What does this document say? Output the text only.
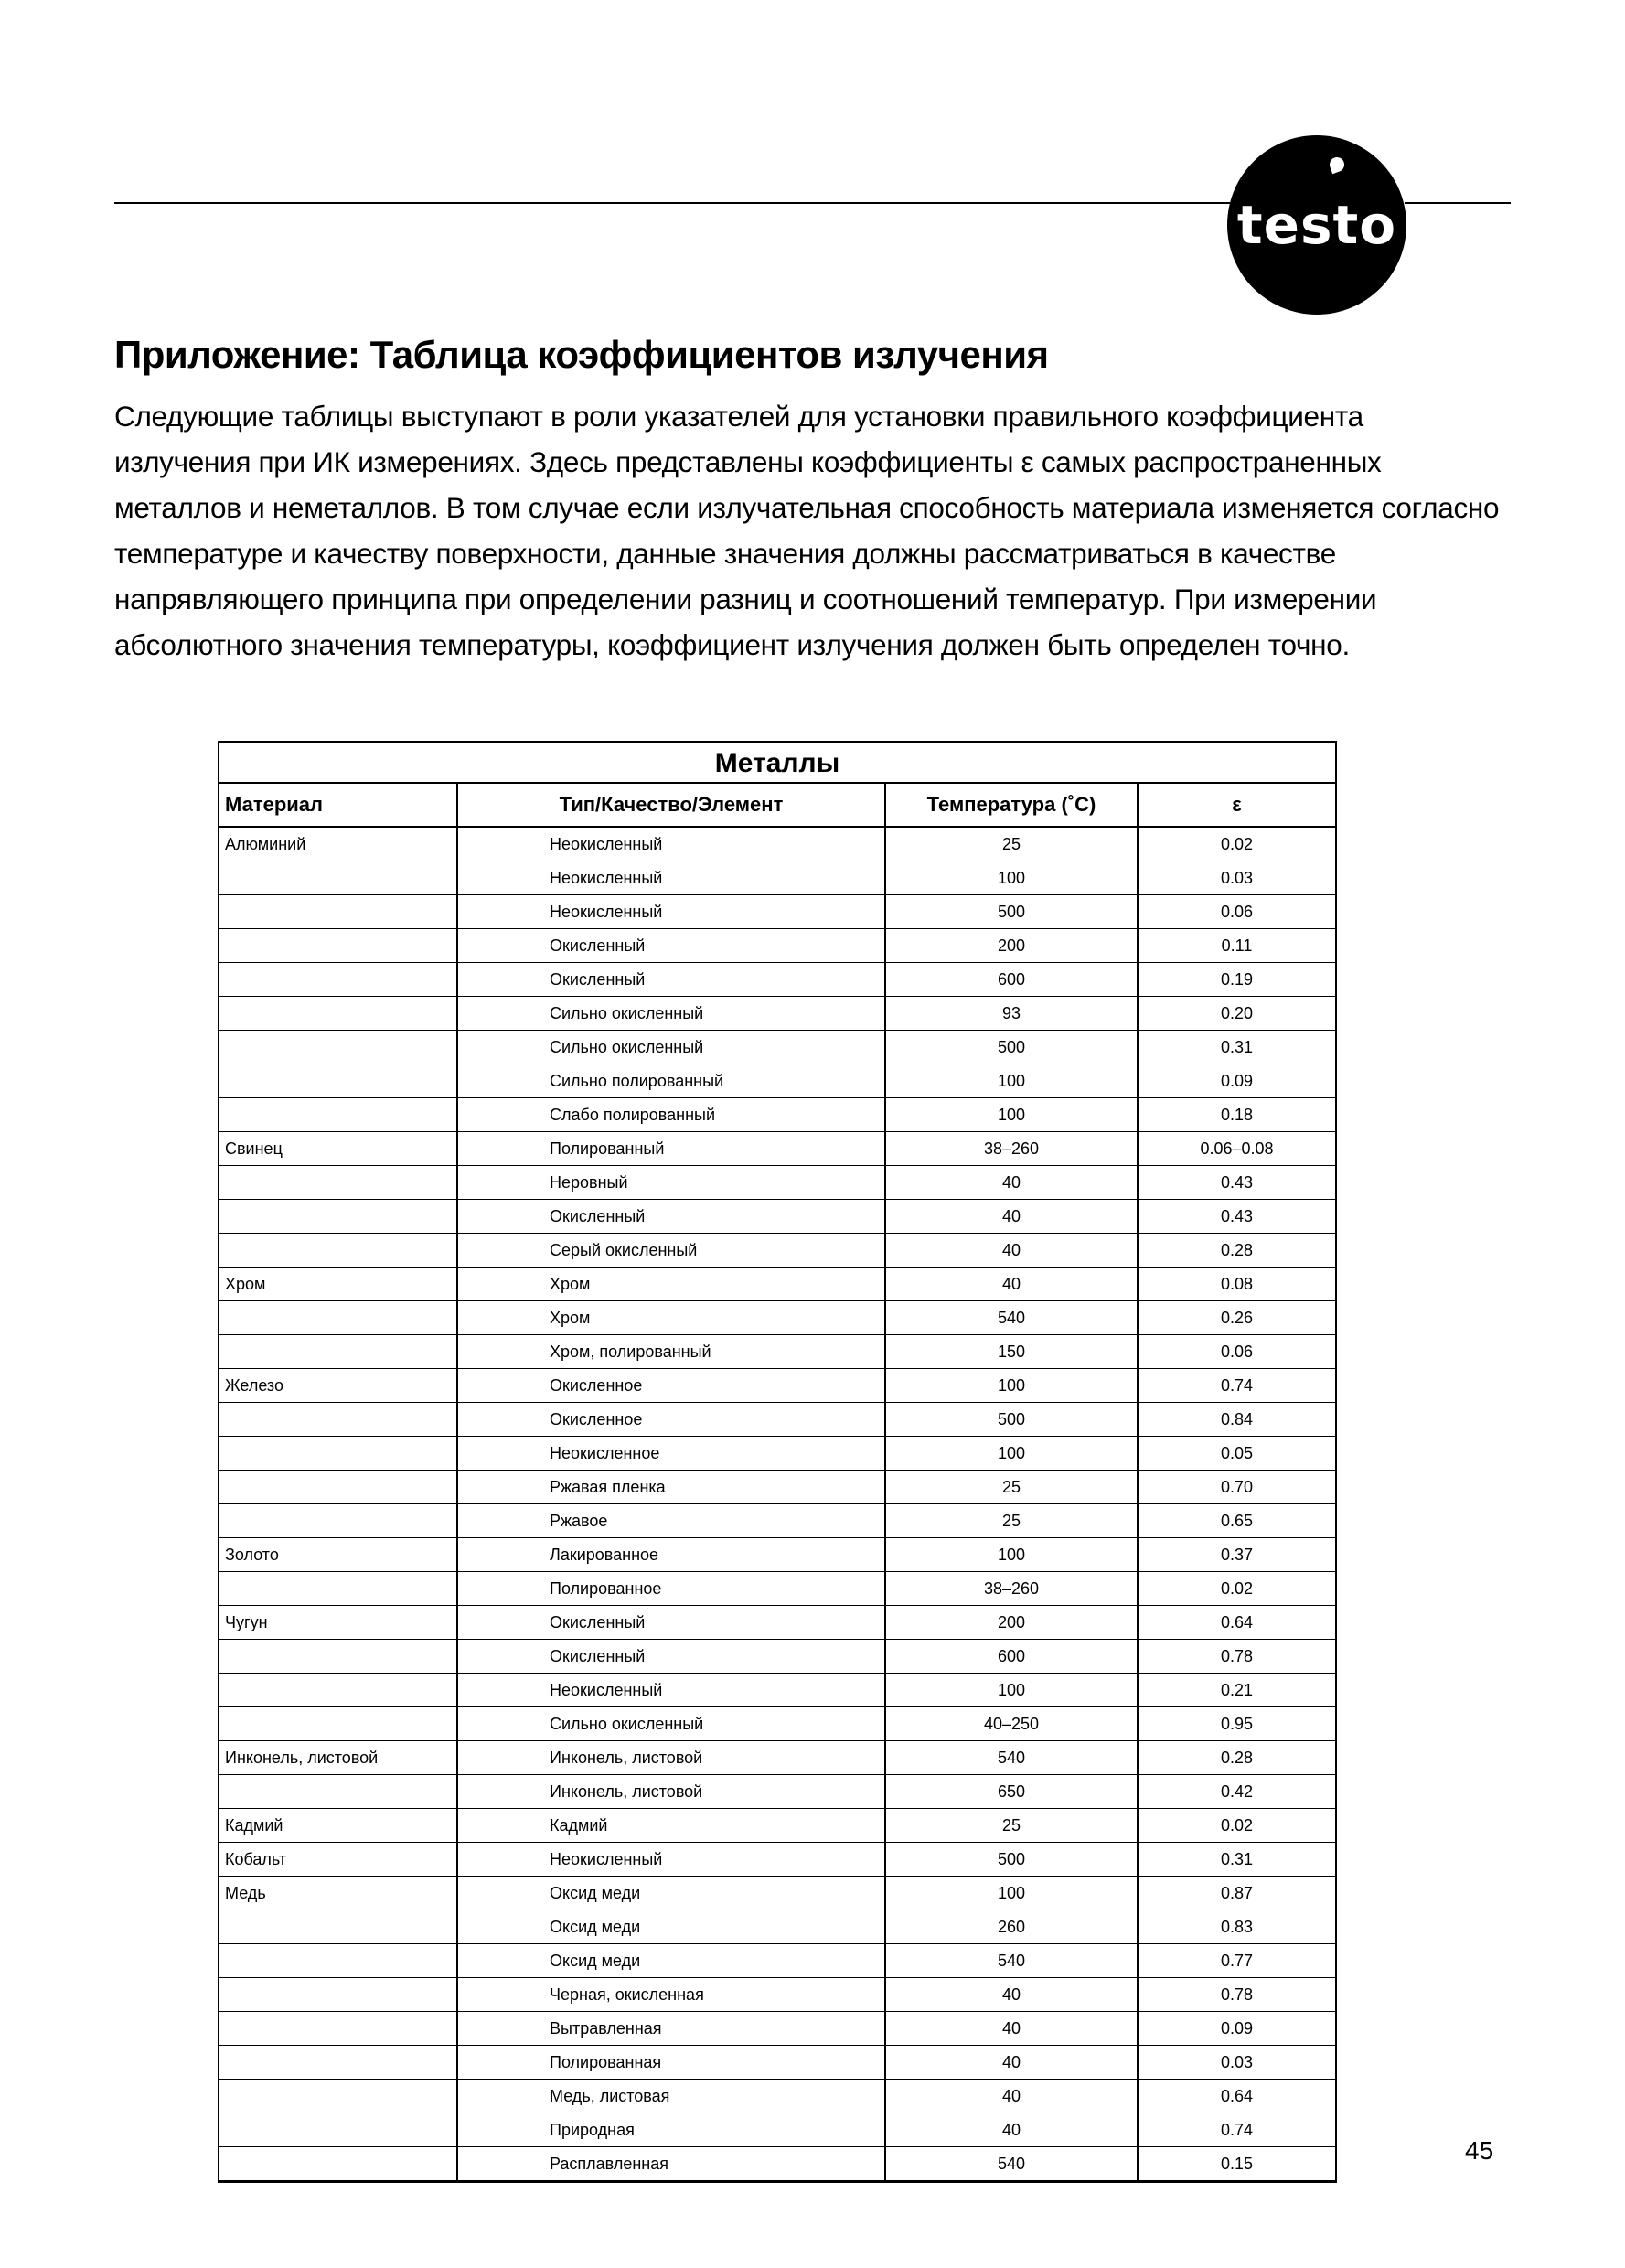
testo
Приложение: Таблица коэффициентов излучения

Следующие таблицы выступают в роли указателей для установки правильного коэффициента излучения при ИК измерениях. Здесь представлены коэффициенты ε самых распространенных металлов и неметаллов. В том случае если излучательная способность материала изменяется согласно температуре и качеству поверхности, данные значения должны рассматриваться в качестве напрявляющего принципа при определении разниц и соотношений температур. При измерении абсолютного значения температуры, коэффициент излучения должен быть определен точно.

Металлы
Материал	Тип/Качество/Элемент	Температура (˚C)	ε
Алюминий	Неокисленный	25	0.02
	Неокисленный	100	0.03
	Неокисленный	500	0.06
	Окисленный	200	0.11
	Окисленный	600	0.19
	Сильно окисленный	93	0.20
	Сильно окисленный	500	0.31
	Сильно полированный	100	0.09
	Слабо полированный	100	0.18
Свинец	Полированный	38–260	0.06–0.08
	Неровный	40	0.43
	Окисленный	40	0.43
	Серый окисленный	40	0.28
Хром	Хром	40	0.08
	Хром	540	0.26
	Хром, полированный	150	0.06
Железо	Окисленное	100	0.74
	Окисленное	500	0.84
	Неокисленное	100	0.05
	Ржавая пленка	25	0.70
	Ржавое	25	0.65
Золото	Лакированное	100	0.37
	Полированное	38–260	0.02
Чугун	Окисленный	200	0.64
	Окисленный	600	0.78
	Неокисленный	100	0.21
	Сильно окисленный	40–250	0.95
Инконель, листовой	Инконель, листовой	540	0.28
	Инконель, листовой	650	0.42
Кадмий	Кадмий	25	0.02
Кобальт	Неокисленный	500	0.31
Медь	Оксид меди	100	0.87
	Оксид меди	260	0.83
	Оксид меди	540	0.77
	Черная, окисленная	40	0.78
	Вытравленная	40	0.09
	Полированная	40	0.03
	Медь, листовая	40	0.64
	Природная	40	0.74
	Расплавленная	540	0.15	45
